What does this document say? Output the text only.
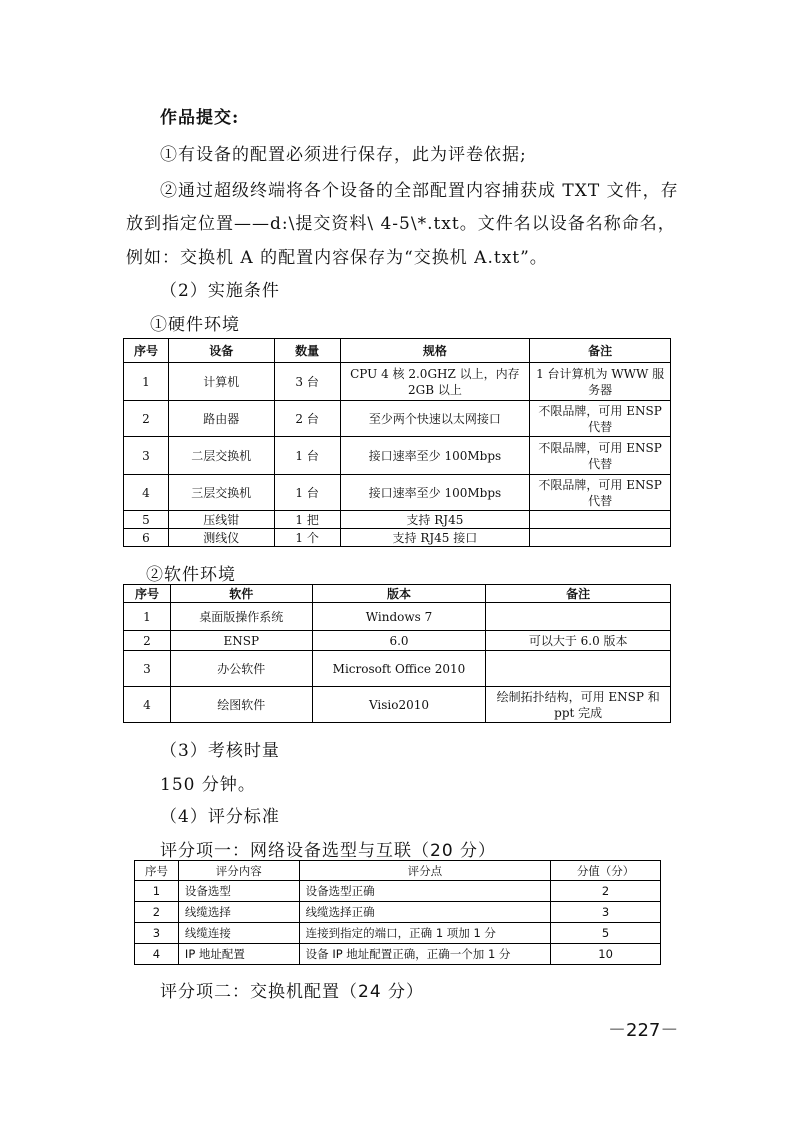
作品提交:
①有设备的配置必须进行保存，此为评卷依据;
②通过超级终端将各个设备的全部配置内容捕获成 TXT 文件，存
放到指定位置——d:\提交资料\ 4-5\*.txt。文件名以设备名称命名，
例如：交换机 A 的配置内容保存为“交换机 A.txt”。
（2）实施条件
①硬件环境
序号	设备	数量	规格	备注
1	计算机	3 台	CPU 4 核 2.0GHZ 以上，内存 2GB 以上	1 台计算机为 WWW 服务器
2	路由器	2 台	至少两个快速以太网接口	不限品牌，可用 ENSP 代替
3	二层交换机	1 台	接口速率至少 100Mbps	不限品牌，可用 ENSP 代替
4	三层交换机	1 台	接口速率至少 100Mbps	不限品牌，可用 ENSP 代替
5	压线钳	1 把	支持 RJ45	
6	测线仪	1 个	支持 RJ45 接口	
②软件环境
序号	软件	版本	备注
1	桌面版操作系统	Windows 7	
2	ENSP	6.0	可以大于 6.0 版本
3	办公软件	Microsoft Office 2010	
4	绘图软件	Visio2010	绘制拓扑结构，可用 ENSP 和 ppt 完成
（3）考核时量
150 分钟。
（4）评分标准
评分项一：网络设备选型与互联（20 分）
序号	评分内容	评分点	分值（分）
1	设备选型	设备选型正确	2
2	线缆选择	线缆选择正确	3
3	线缆连接	连接到指定的端口，正确 1 项加 1 分	5
4	IP 地址配置	设备 IP 地址配置正确，正确一个加 1 分	10
评分项二：交换机配置（24 分）
－227－
